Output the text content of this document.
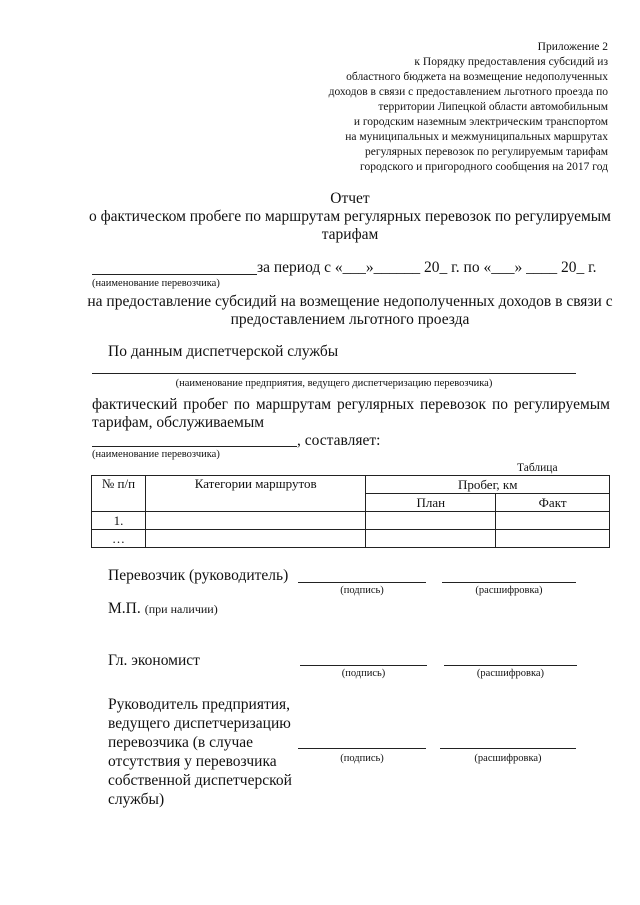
Приложение 2
к Порядку предоставления субсидий из
областного бюджета на возмещение недополученных
доходов в связи с предоставлением льготного проезда по
территории Липецкой области автомобильным
и городским наземным электрическим транспортом
на муниципальных и межмуниципальных маршрутах
регулярных перевозок по регулируемым тарифам
городского и пригородного сообщения на 2017 год
Отчет
о фактическом пробеге по маршрутам регулярных перевозок по регулируемым
тарифам
за период с «___»______ 20_ г. по «___» ____ 20_ г.
(наименование перевозчика)
на предоставление субсидий на возмещение недополученных доходов в связи с
предоставлением льготного проезда
По данным диспетчерской службы
(наименование предприятия, ведущего диспетчеризацию перевозчика)
фактический пробег по маршрутам регулярных перевозок по регулируемым
тарифам, обслуживаемым
, составляет:
(наименование перевозчика)
Таблица
№ п/п	Категории маршрутов	Пробег, км	
		План	Факт
1.			
…			
Перевозчик (руководитель)
(подпись)	(расшифровка)
М.П. (при наличии)
Гл. экономист
(подпись)	(расшифровка)
Руководитель предприятия,
ведущего диспетчеризацию
перевозчика (в случае
отсутствия у перевозчика
собственной диспетчерской
службы)
(подпись)	(расшифровка)
